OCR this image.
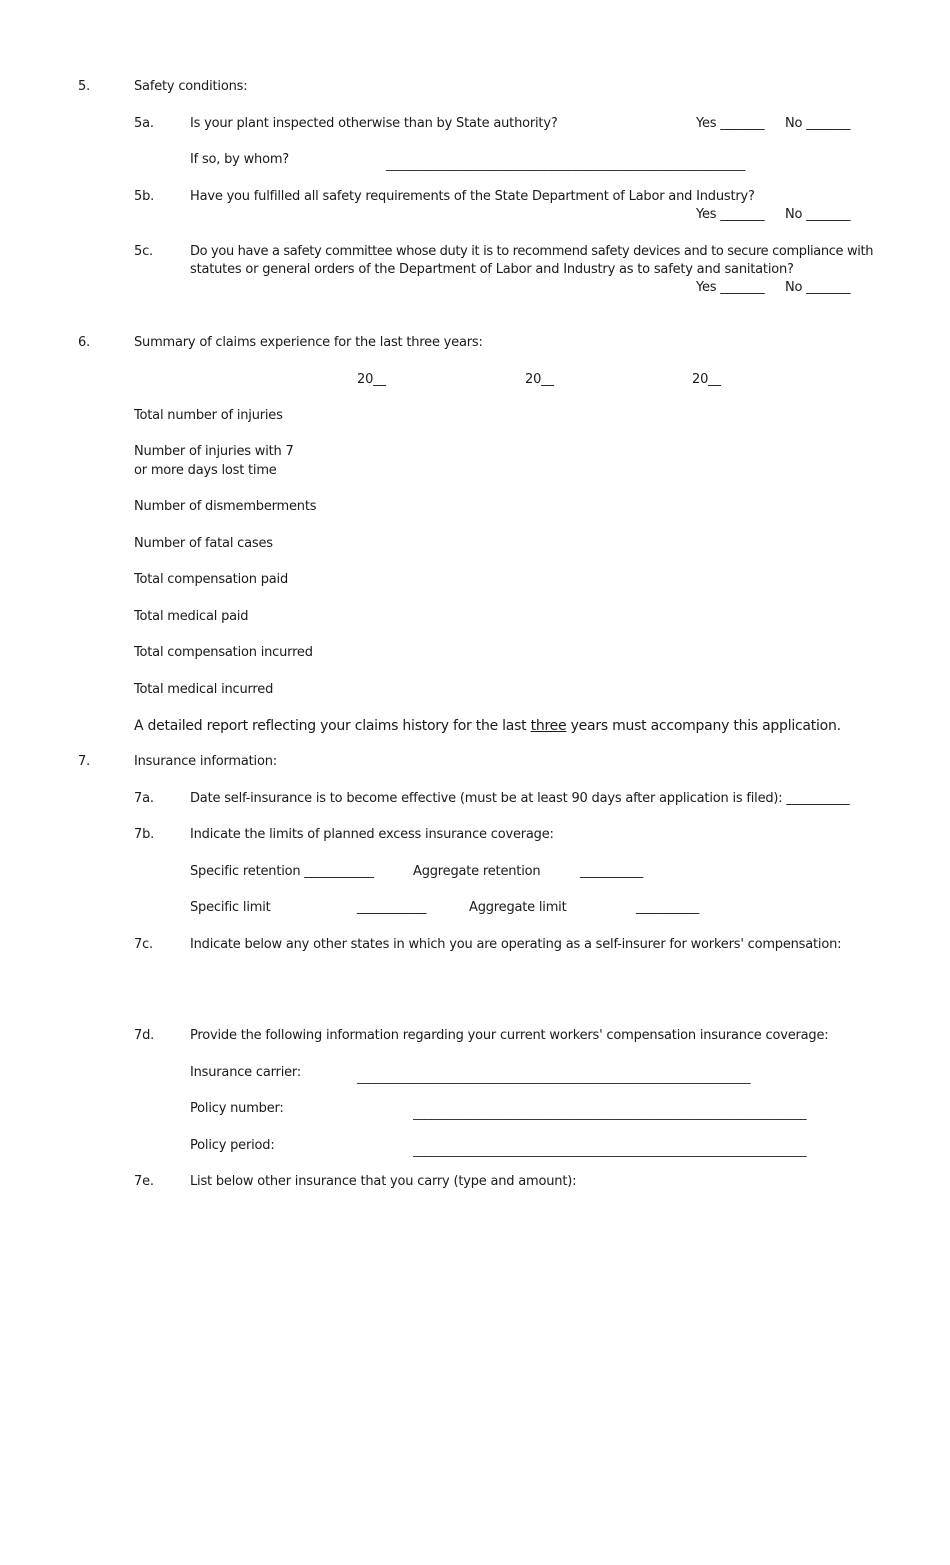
5.	Safety conditions:
5a.	Is your plant inspected otherwise than by State authority?	Yes _______ No _______
If so, by whom?	_______________________________________________________________
5b.	Have you fulfilled all safety requirements of the State Department of Labor and Industry?
Yes _______ No _______
5c.	Do you have a safety committee whose duty it is to recommend safety devices and to secure compliance with
statutes or general orders of the Department of Labor and Industry as to safety and sanitation?
Yes _______ No _______
6.	Summary of claims experience for the last three years:
20__	20__	20__
Total number of injuries
Number of injuries with 7
or more days lost time
Number of dismemberments
Number of fatal cases
Total compensation paid
Total medical paid
Total compensation incurred
Total medical incurred
A detailed report reflecting your claims history for the last three years must accompany this application.
7.	Insurance information:
7a.	Date self-insurance is to become effective (must be at least 90 days after application is filed): __________
7b.	Indicate the limits of planned excess insurance coverage:
Specific retention ___________	Aggregate retention	__________
Specific limit	___________	Aggregate limit	__________
7c.	Indicate below any other states in which you are operating as a self-insurer for workers' compensation:
7d.	Provide the following information regarding your current workers' compensation insurance coverage:
Insurance carrier:	_____________________________________________________________________
Policy number:	_____________________________________________________________________
Policy period:	_____________________________________________________________________
7e.	List below other insurance that you carry (type and amount):
